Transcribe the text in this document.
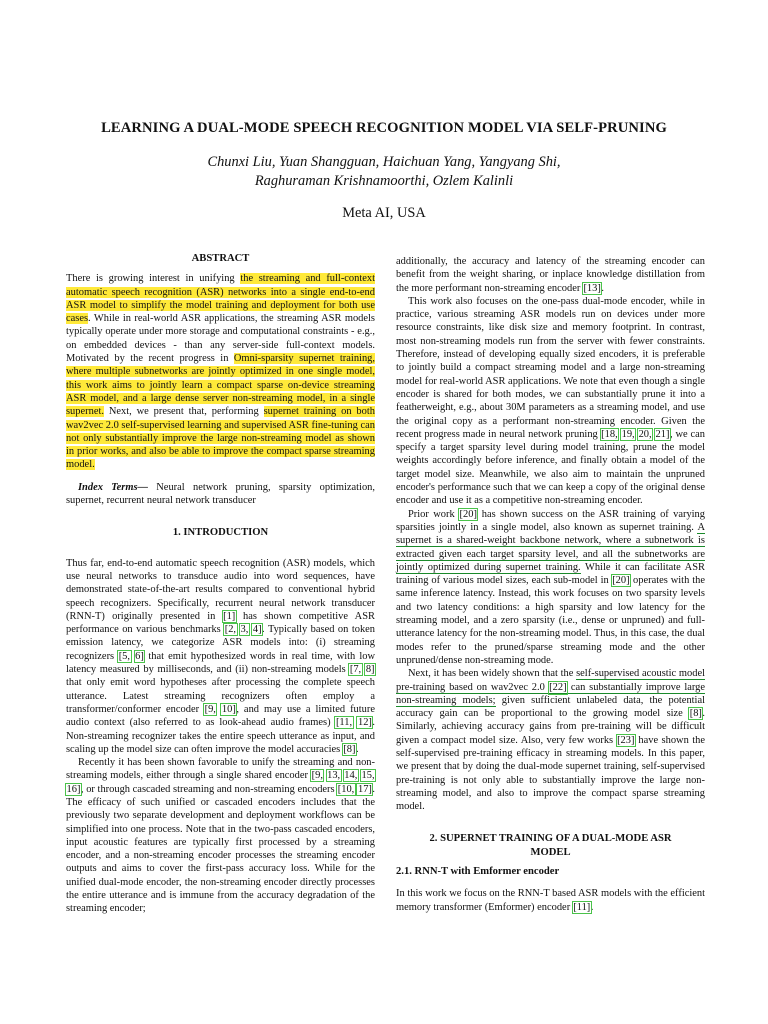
LEARNING A DUAL-MODE SPEECH RECOGNITION MODEL VIA SELF-PRUNING
Chunxi Liu, Yuan Shangguan, Haichuan Yang, Yangyang Shi,
Raghuraman Krishnamoorthi, Ozlem Kalinli
Meta AI, USA
ABSTRACT

There is growing interest in unifying the streaming and full-context automatic speech recognition (ASR) networks into a single end-to-end ASR model to simplify the model training and deployment for both use cases. While in real-world ASR applications, the streaming ASR models typically operate under more storage and computational constraints - e.g., on embedded devices - than any server-side full-context models. Motivated by the recent progress in Omni-sparsity supernet training, where multiple subnetworks are jointly optimized in one single model, this work aims to jointly learn a compact sparse on-device streaming ASR model, and a large dense server non-streaming model, in a single supernet. Next, we present that, performing supernet training on both wav2vec 2.0 self-supervised learning and supervised ASR fine-tuning can not only substantially improve the large non-streaming model as shown in prior works, and also be able to improve the compact sparse streaming model.

Index Terms— Neural network pruning, sparsity optimization, supernet, recurrent neural network transducer

1. INTRODUCTION

Thus far, end-to-end automatic speech recognition (ASR) models, which use neural networks to transduce audio into word sequences, have demonstrated state-of-the-art results compared to conventional hybrid speech recognizers. Specifically, recurrent neural network transducer (RNN-T) originally presented in [1] has shown competitive ASR performance on various benchmarks [2, 3, 4]. Typically based on token emission latency, we categorize ASR models into: (i) streaming recognizers [5, 6] that emit hypothesized words in real time, with low latency measured by milliseconds, and (ii) non-streaming models [7, 8] that only emit word hypotheses after processing the complete speech utterance. Latest streaming recognizers often employ a transformer/conformer encoder [9, 10], and may use a limited future audio context (also referred to as look-ahead audio frames) [11, 12]. Non-streaming recognizer takes the entire speech utterance as input, and scaling up the model size can often improve the model accuracies [8].

Recently it has been shown favorable to unify the streaming and non-streaming models, either through a single shared encoder [9, 13, 14, 15, 16], or through cascaded streaming and non-streaming encoders [10, 17]. The efficacy of such unified or cascaded encoders includes that the previously two separate development and deployment workflows can be simplified into one process. Note that in the two-pass cascaded encoders, input acoustic features are typically first processed by a streaming encoder, and a non-streaming encoder processes the streaming encoder outputs and aims to cover the first-pass accuracy loss. While for the unified dual-mode encoder, the non-streaming encoder directly processes the entire utterance and is immune from the accuracy degradation of the streaming encoder;

additionally, the accuracy and latency of the streaming encoder can benefit from the weight sharing, or inplace knowledge distillation from the more performant non-streaming encoder [13].

This work also focuses on the one-pass dual-mode encoder, while in practice, various streaming ASR models run on devices under more resource constraints, like disk size and memory footprint. In contrast, most non-streaming models run from the server with fewer constraints. Therefore, instead of developing equally sized encoders, it is preferable to jointly build a compact streaming model and a large non-streaming model for real-world ASR applications. We note that even though a single encoder is shared for both modes, we can substantially prune it into a featherweight, e.g., about 30M parameters as a streaming model, and use the original copy as a performant non-streaming encoder. Given the recent progress made in neural network pruning [18, 19, 20, 21], we can specify a target sparsity level during model training, prune the model weights accordingly before inference, and finally obtain a model of the target model size. Meanwhile, we also aim to maintain the unpruned encoder's performance such that we can keep a copy of the original dense encoder and use it as a competitive non-streaming encoder.

Prior work [20] has shown success on the ASR training of varying sparsities jointly in a single model, also known as supernet training. A supernet is a shared-weight backbone network, where a subnetwork is extracted given each target sparsity level, and all the subnetworks are jointly optimized during supernet training. While it can facilitate ASR training of various model sizes, each sub-model in [20] operates with the same inference latency. Instead, this work focuses on two sparsity levels and two latency conditions: a high sparsity and low latency for the streaming model, and a zero sparsity (i.e., dense or unpruned) and full-utterance latency for the non-streaming model. Thus, in this case, the dual modes refer to the pruned/sparse streaming mode and the other unpruned/dense non-streaming mode.

Next, it has been widely shown that the self-supervised acoustic model pre-training based on wav2vec 2.0 [22] can substantially improve large non-streaming models; given sufficient unlabeled data, the potential accuracy gain can be proportional to the growing model size [8]. Similarly, achieving accuracy gains from pre-training will be difficult given a compact model size. Also, very few works [23] have shown the self-supervised pre-training efficacy in streaming models. In this paper, we present that by doing the dual-mode supernet training, self-supervised pre-training is not only able to substantially improve the large non-streaming model, and also to improve the compact sparse streaming model.

2. SUPERNET TRAINING OF A DUAL-MODE ASR
MODEL
2.1. RNN-T with Emformer encoder

In this work we focus on the RNN-T based ASR models with the efficient memory transformer (Emformer) encoder [11].
